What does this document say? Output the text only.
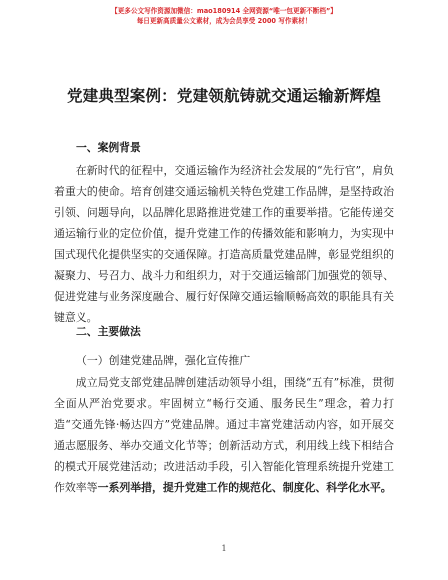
【更多公文写作资源加微信：mao180914 全网资源“唯一包更新不断档”】
每日更新高质量公文素材，成为会员享受 2000 写作素材！
党建典型案例：党建领航铸就交通运输新辉煌
一、案例背景

在新时代的征程中，交通运输作为经济社会发展的“先行官”，肩负着重大的使命。培育创建交通运输机关特色党建工作品牌，是坚持政治引领、问题导向，以品牌化思路推进党建工作的重要举措。它能传递交通运输行业的定位价值，提升党建工作的传播效能和影响力，为实现中国式现代化提供坚实的交通保障。打造高质量党建品牌，彰显党组织的凝聚力、号召力、战斗力和组织力，对于交通运输部门加强党的领导、促进党建与业务深度融合、履行好保障交通运输顺畅高效的职能具有关键意义。

二、主要做法
（一）创建党建品牌，强化宣传推广

成立局党支部党建品牌创建活动领导小组，围绕“五有”标准，贯彻全面从严治党要求。牢固树立“畅行交通、服务民生”理念，着力打造“交通先锋·畅达四方”党建品牌。通过丰富党建活动内容，如开展交通志愿服务、举办交通文化节等；创新活动方式，利用线上线下相结合的模式开展党建活动；改进活动手段，引入智能化管理系统提升党建工作效率等一系列举措，提升党建工作的规范化、制度化、科学化水平。

1
